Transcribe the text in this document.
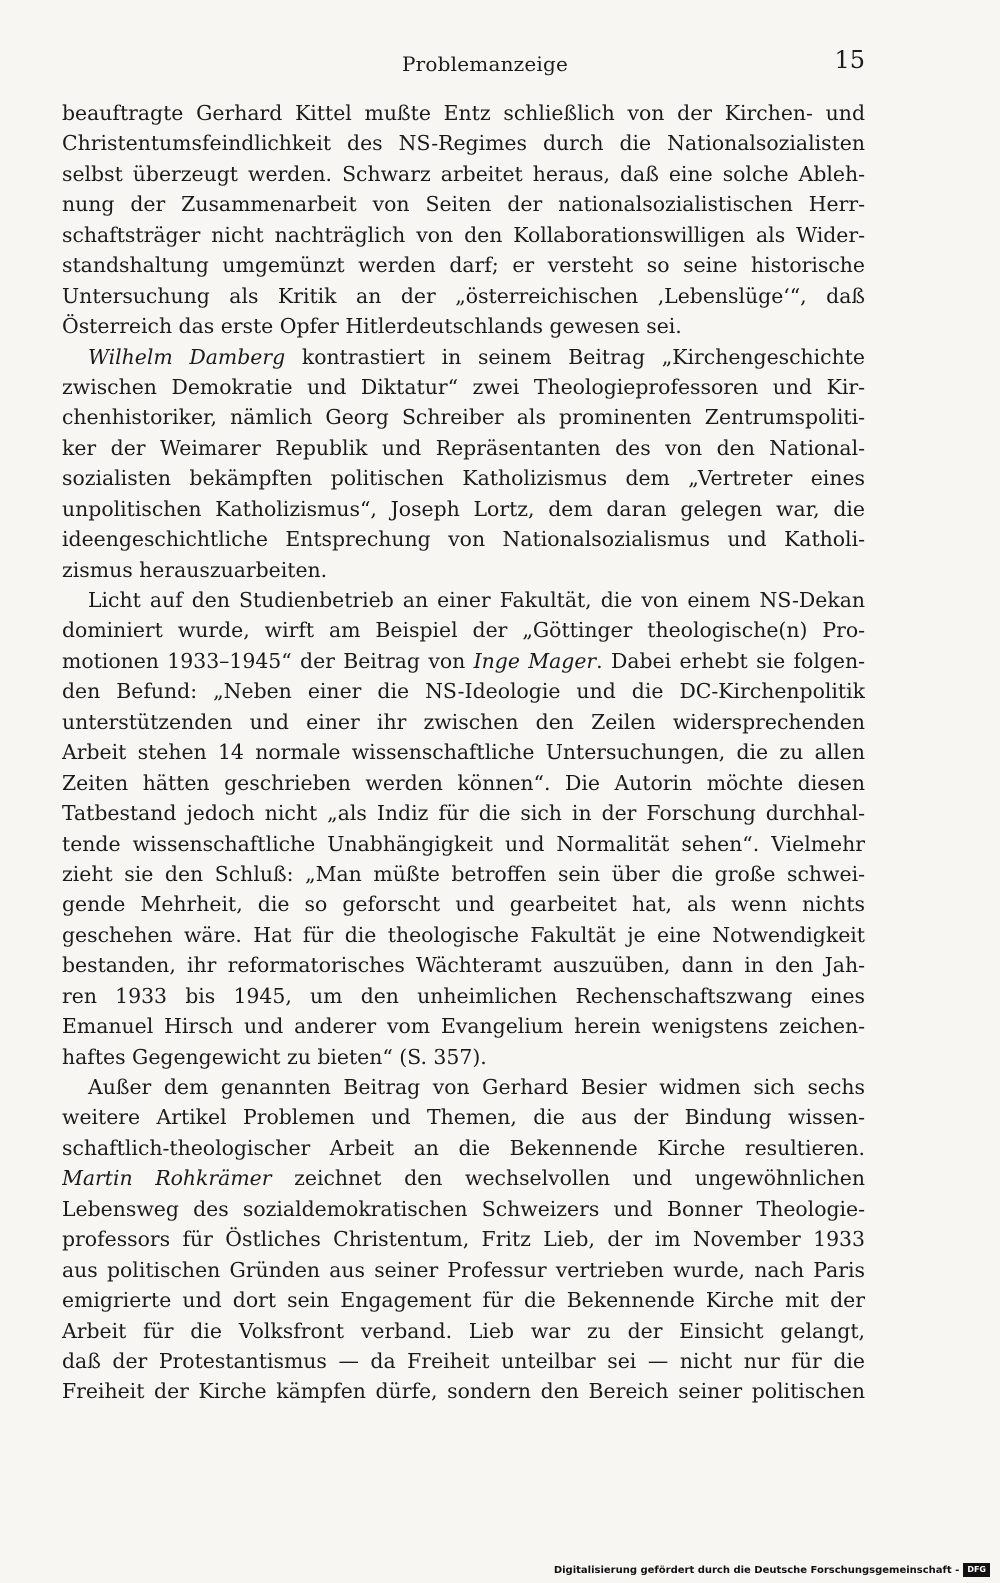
Problemanzeige	15
beauftragte Gerhard Kittel mußte Entz schließlich von der Kirchen- und
Christentumsfeindlichkeit des NS-Regimes durch die Nationalsozialisten
selbst überzeugt werden. Schwarz arbeitet heraus, daß eine solche Ableh-
nung der Zusammenarbeit von Seiten der nationalsozialistischen Herr-
schaftsträger nicht nachträglich von den Kollaborationswilligen als Wider-
standshaltung umgemünzt werden darf; er versteht so seine historische
Untersuchung als Kritik an der „österreichischen ‚Lebenslüge‘“, daß
Österreich das erste Opfer Hitlerdeutschlands gewesen sei.
Wilhelm Damberg kontrastiert in seinem Beitrag „Kirchengeschichte
zwischen Demokratie und Diktatur“ zwei Theologieprofessoren und Kir-
chenhistoriker, nämlich Georg Schreiber als prominenten Zentrumspoliti-
ker der Weimarer Republik und Repräsentanten des von den National-
sozialisten bekämpften politischen Katholizismus dem „Vertreter eines
unpolitischen Katholizismus“, Joseph Lortz, dem daran gelegen war, die
ideengeschichtliche Entsprechung von Nationalsozialismus und Katholi-
zismus herauszuarbeiten.
Licht auf den Studienbetrieb an einer Fakultät, die von einem NS-Dekan
dominiert wurde, wirft am Beispiel der „Göttinger theologische(n) Pro-
motionen 1933–1945“ der Beitrag von Inge Mager. Dabei erhebt sie folgen-
den Befund: „Neben einer die NS-Ideologie und die DC-Kirchenpolitik
unterstützenden und einer ihr zwischen den Zeilen widersprechenden
Arbeit stehen 14 normale wissenschaftliche Untersuchungen, die zu allen
Zeiten hätten geschrieben werden können“. Die Autorin möchte diesen
Tatbestand jedoch nicht „als Indiz für die sich in der Forschung durchhal-
tende wissenschaftliche Unabhängigkeit und Normalität sehen“. Vielmehr
zieht sie den Schluß: „Man müßte betroffen sein über die große schwei-
gende Mehrheit, die so geforscht und gearbeitet hat, als wenn nichts
geschehen wäre. Hat für die theologische Fakultät je eine Notwendigkeit
bestanden, ihr reformatorisches Wächteramt auszuüben, dann in den Jah-
ren 1933 bis 1945, um den unheimlichen Rechenschaftszwang eines
Emanuel Hirsch und anderer vom Evangelium herein wenigstens zeichen-
haftes Gegengewicht zu bieten“ (S. 357).
Außer dem genannten Beitrag von Gerhard Besier widmen sich sechs
weitere Artikel Problemen und Themen, die aus der Bindung wissen-
schaftlich-theologischer Arbeit an die Bekennende Kirche resultieren.
Martin Rohkrämer zeichnet den wechselvollen und ungewöhnlichen
Lebensweg des sozialdemokratischen Schweizers und Bonner Theologie-
professors für Östliches Christentum, Fritz Lieb, der im November 1933
aus politischen Gründen aus seiner Professur vertrieben wurde, nach Paris
emigrierte und dort sein Engagement für die Bekennende Kirche mit der
Arbeit für die Volksfront verband. Lieb war zu der Einsicht gelangt,
daß der Protestantismus — da Freiheit unteilbar sei — nicht nur für die
Freiheit der Kirche kämpfen dürfe, sondern den Bereich seiner politischen
Digitalisierung gefördert durch die Deutsche Forschungsgemeinschaft -	DFG
